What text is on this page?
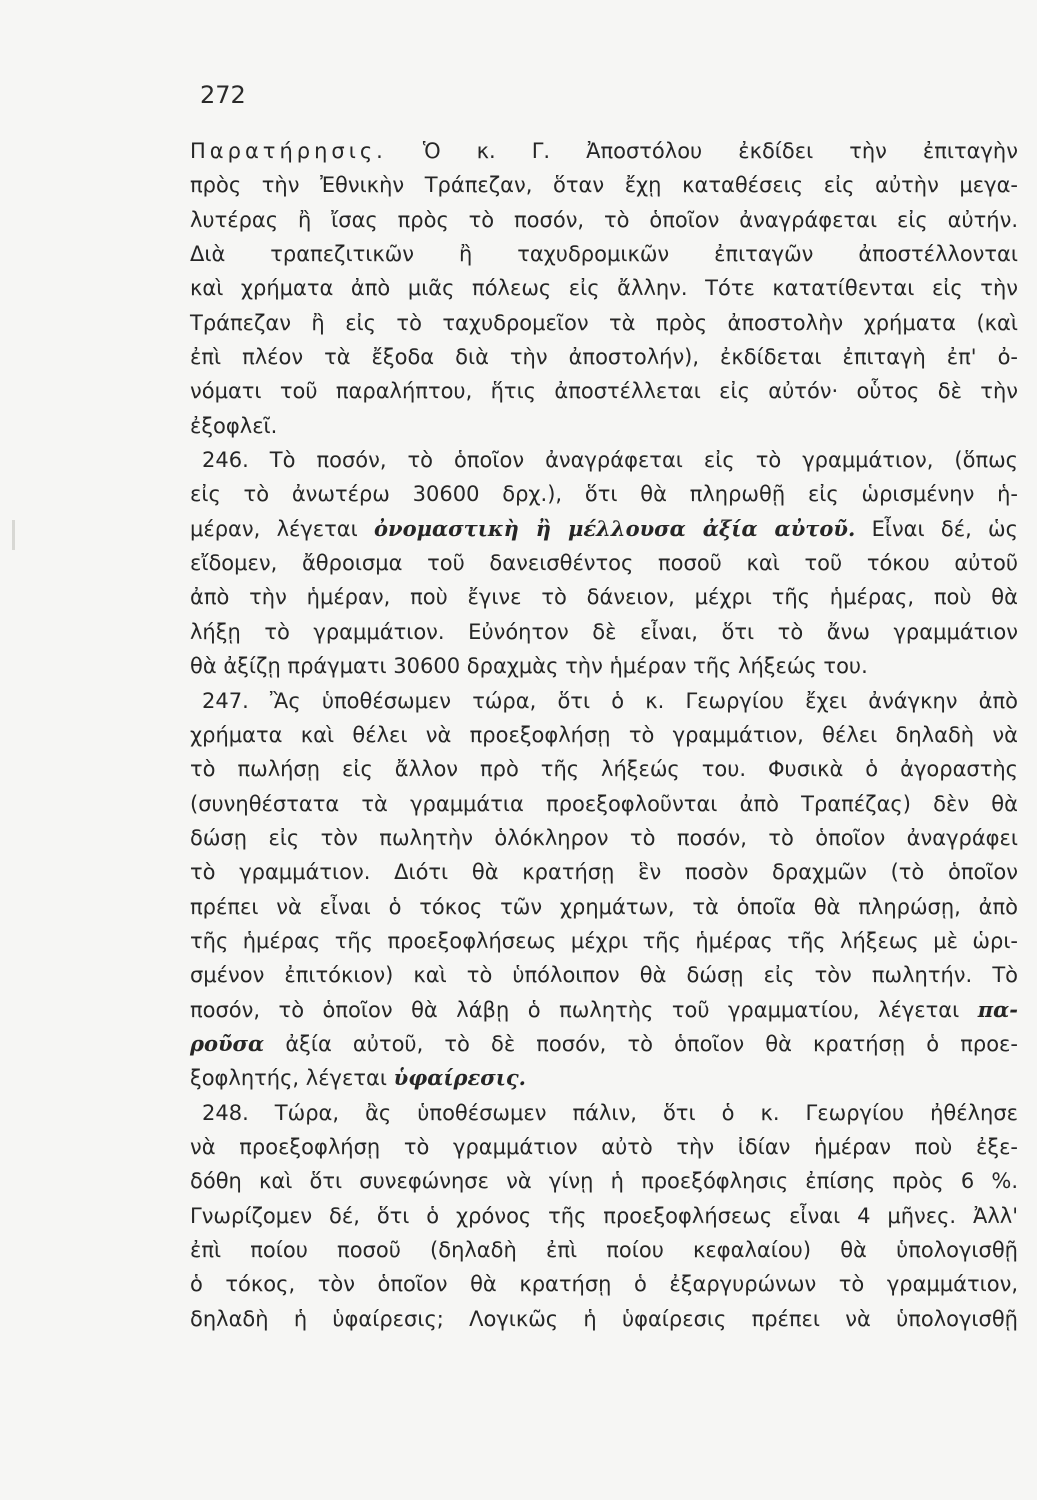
272
Παρατήρησις. Ὁ κ. Γ. Ἀποστόλου ἐκδίδει τὴν ἐπιταγὴν
πρὸς τὴν Ἐθνικὴν Τράπεζαν, ὅταν ἔχῃ καταθέσεις εἰς αὐτὴν μεγα-
λυτέρας ἢ ἴσας πρὸς τὸ ποσόν, τὸ ὁποῖον ἀναγράφεται εἰς αὐτήν.
Διὰ τραπεζιτικῶν ἢ ταχυδρομικῶν ἐπιταγῶν ἀποστέλλονται
καὶ χρήματα ἀπὸ μιᾶς πόλεως εἰς ἄλλην. Τότε κατατίθενται εἰς τὴν
Τράπεζαν ἢ εἰς τὸ ταχυδρομεῖον τὰ πρὸς ἀποστολὴν χρήματα (καὶ
ἐπὶ πλέον τὰ ἔξοδα διὰ τὴν ἀποστολήν), ἐκδίδεται ἐπιταγὴ ἐπ' ὀ-
νόματι τοῦ παραλήπτου, ἥτις ἀποστέλλεται εἰς αὐτόν· οὗτος δὲ τὴν
ἐξοφλεῖ.
246. Τὸ ποσόν, τὸ ὁποῖον ἀναγράφεται εἰς τὸ γραμμάτιον, (ὅπως
εἰς τὸ ἀνωτέρω 30600 δρχ.), ὅτι θὰ πληρωθῇ εἰς ὡρισμένην ἡ-
μέραν, λέγεται ὀνομαστικὴ ἢ μέλλουσα ἀξία αὐτοῦ. Εἶναι δέ, ὡς
εἴδομεν, ἄθροισμα τοῦ δανεισθέντος ποσοῦ καὶ τοῦ τόκου αὐτοῦ
ἀπὸ τὴν ἡμέραν, ποὺ ἔγινε τὸ δάνειον, μέχρι τῆς ἡμέρας, ποὺ θὰ
λήξῃ τὸ γραμμάτιον. Εὐνόητον δὲ εἶναι, ὅτι τὸ ἄνω γραμμάτιον
θὰ ἀξίζῃ πράγματι 30600 δραχμὰς τὴν ἡμέραν τῆς λήξεώς του.
247. Ἂς ὑποθέσωμεν τώρα, ὅτι ὁ κ. Γεωργίου ἔχει ἀνάγκην ἀπὸ
χρήματα καὶ θέλει νὰ προεξοφλήσῃ τὸ γραμμάτιον, θέλει δηλαδὴ νὰ
τὸ πωλήσῃ εἰς ἄλλον πρὸ τῆς λήξεώς του. Φυσικὰ ὁ ἀγοραστὴς
(συνηθέστατα τὰ γραμμάτια προεξοφλοῦνται ἀπὸ Τραπέζας) δὲν θὰ
δώσῃ εἰς τὸν πωλητὴν ὁλόκληρον τὸ ποσόν, τὸ ὁποῖον ἀναγράφει
τὸ γραμμάτιον. Διότι θὰ κρατήσῃ ἓν ποσὸν δραχμῶν (τὸ ὁποῖον
πρέπει νὰ εἶναι ὁ τόκος τῶν χρημάτων, τὰ ὁποῖα θὰ πληρώσῃ, ἀπὸ
τῆς ἡμέρας τῆς προεξοφλήσεως μέχρι τῆς ἡμέρας τῆς λήξεως μὲ ὡρι-
σμένον ἐπιτόκιον) καὶ τὸ ὑπόλοιπον θὰ δώσῃ εἰς τὸν πωλητήν. Τὸ
ποσόν, τὸ ὁποῖον θὰ λάβῃ ὁ πωλητὴς τοῦ γραμματίου, λέγεται πα-
ροῦσα ἀξία αὐτοῦ, τὸ δὲ ποσόν, τὸ ὁποῖον θὰ κρατήσῃ ὁ προε-
ξοφλητής, λέγεται ὑφαίρεσις.
248. Τώρα, ἂς ὑποθέσωμεν πάλιν, ὅτι ὁ κ. Γεωργίου ἠθέλησε
νὰ προεξοφλήσῃ τὸ γραμμάτιον αὐτὸ τὴν ἰδίαν ἡμέραν ποὺ ἐξε-
δόθη καὶ ὅτι συνεφώνησε νὰ γίνῃ ἡ προεξόφλησις ἐπίσης πρὸς 6 %.
Γνωρίζομεν δέ, ὅτι ὁ χρόνος τῆς προεξοφλήσεως εἶναι 4 μῆνες. Ἀλλ'
ἐπὶ ποίου ποσοῦ (δηλαδὴ ἐπὶ ποίου κεφαλαίου) θὰ ὑπολογισθῇ
ὁ τόκος, τὸν ὁποῖον θὰ κρατήσῃ ὁ ἐξαργυρώνων τὸ γραμμάτιον,
δηλαδὴ ἡ ὑφαίρεσις; Λογικῶς ἡ ὑφαίρεσις πρέπει νὰ ὑπολογισθῇ
